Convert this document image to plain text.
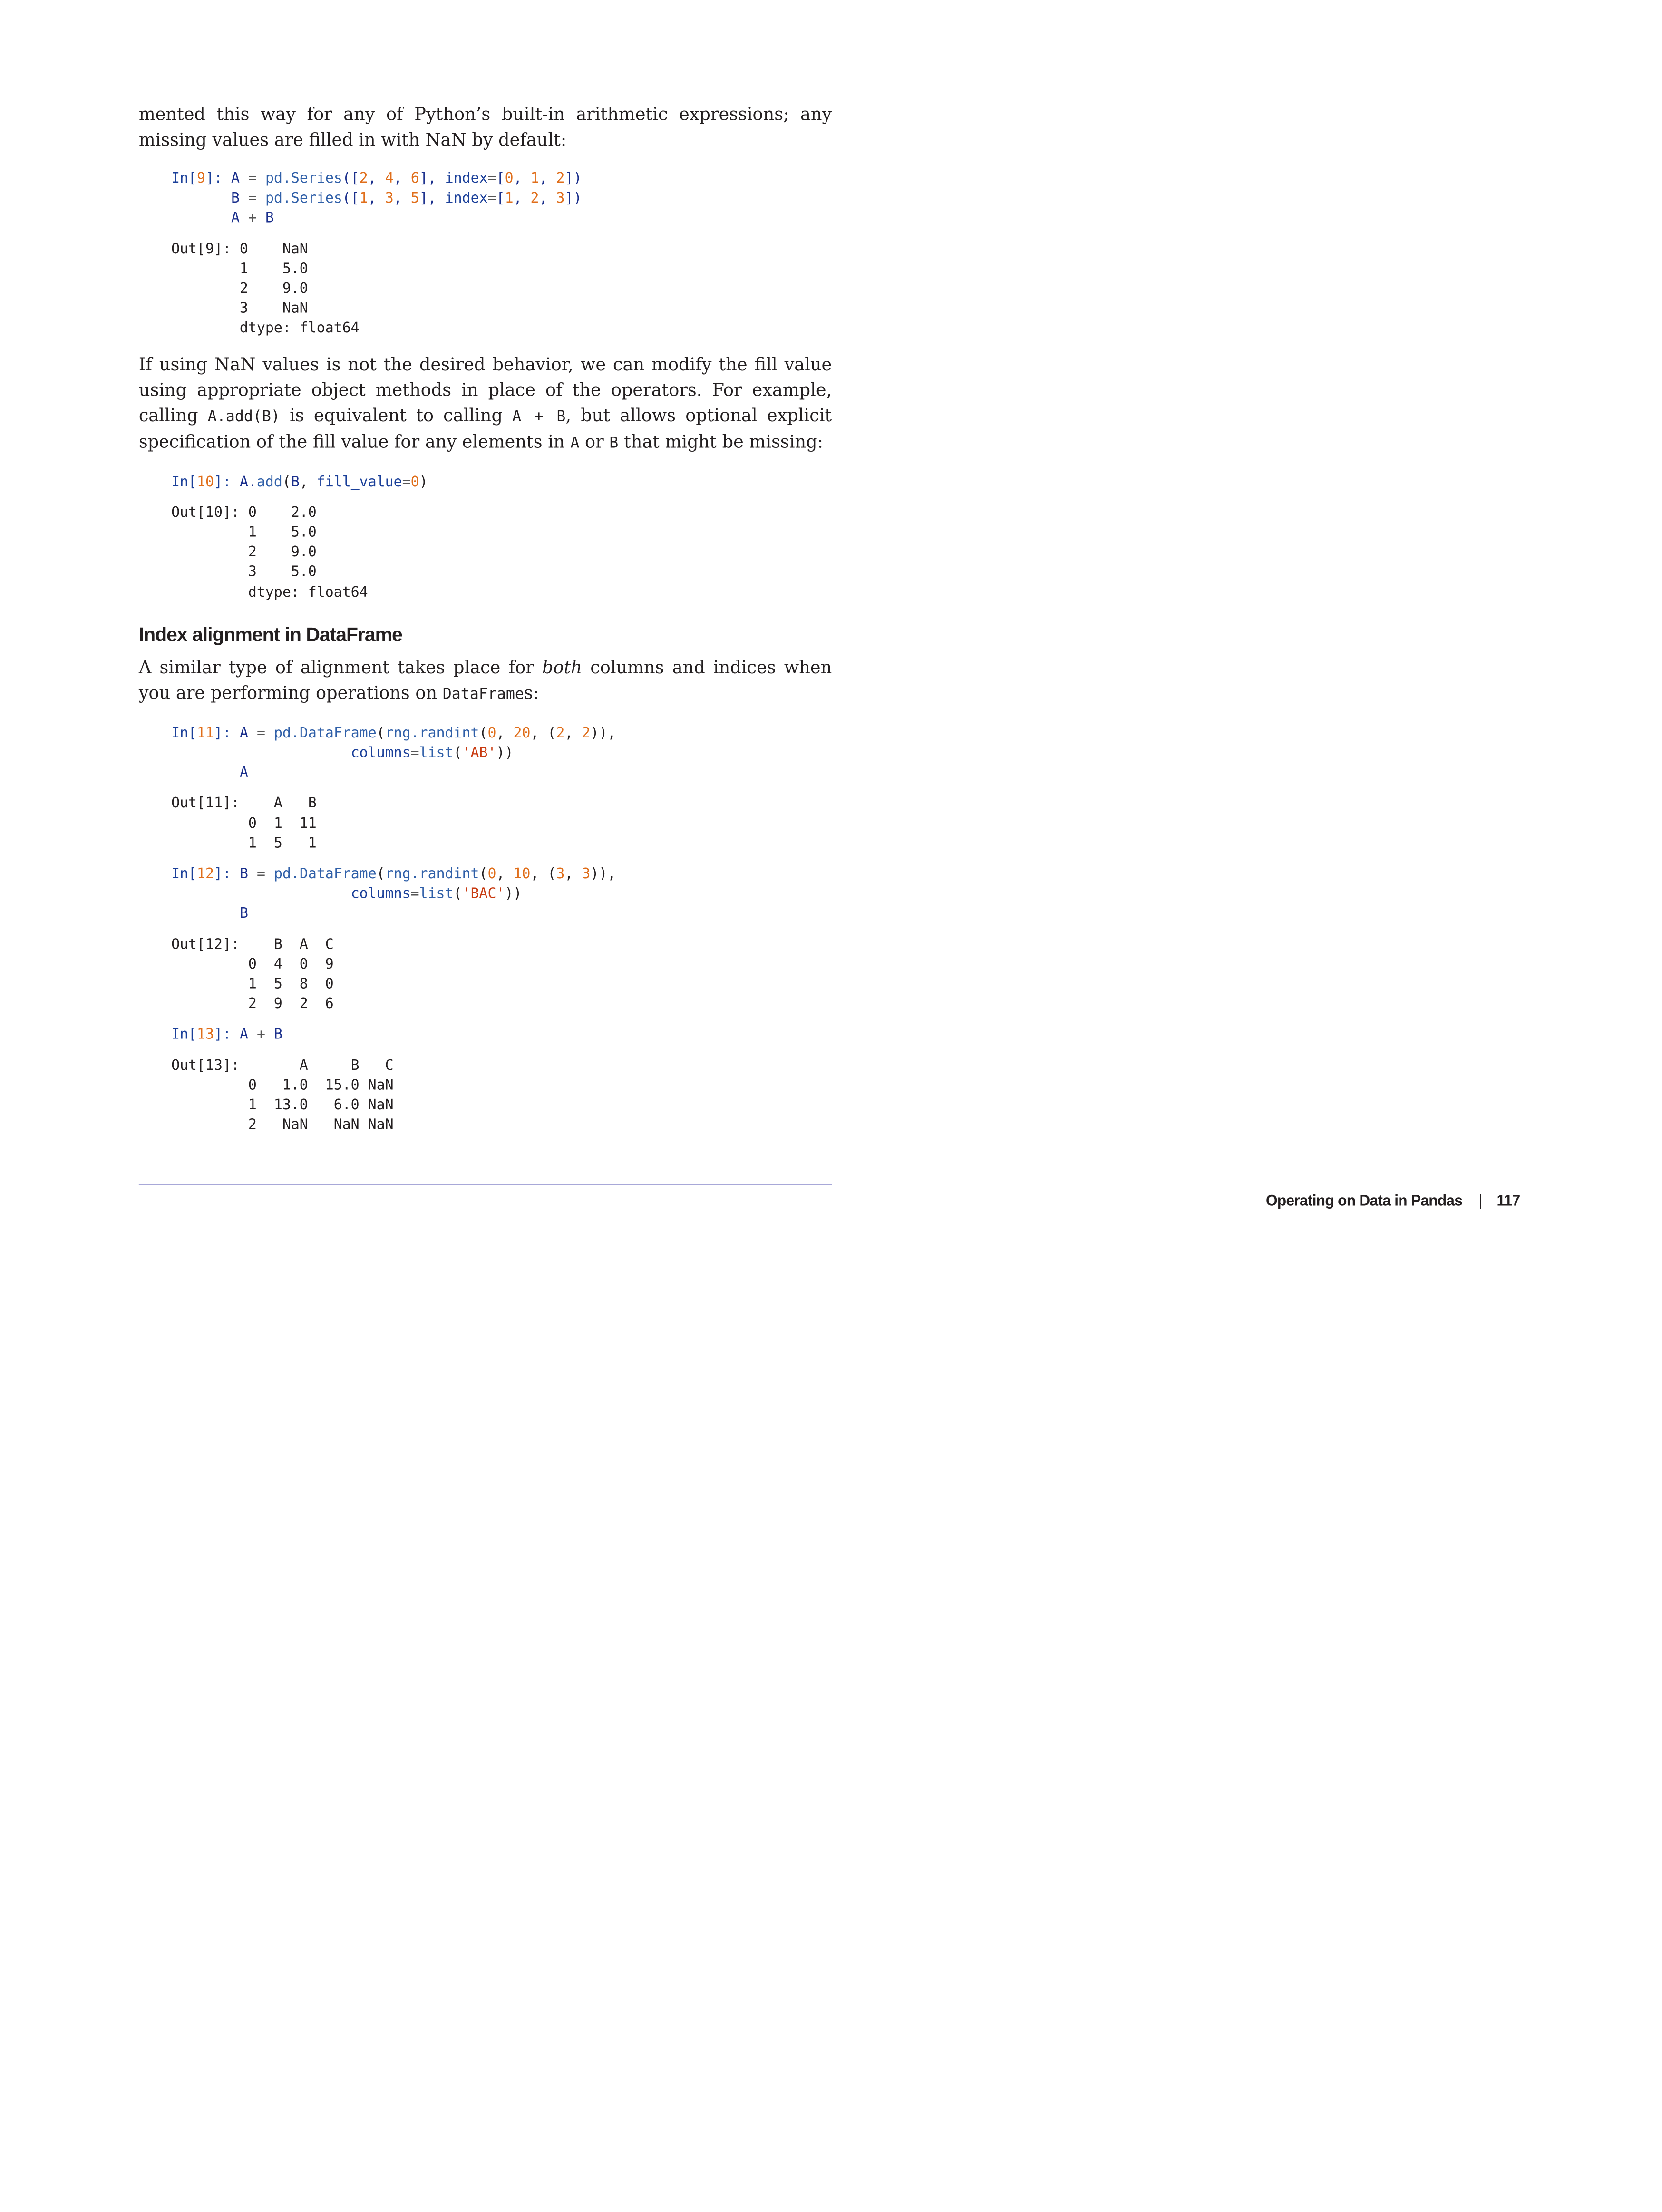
mented this way for any of Python’s built-in arithmetic expressions; any missing values are filled in with NaN by default:

In[9]: A = pd.Series([2, 4, 6], index=[0, 1, 2])
B = pd.Series([1, 3, 5], index=[1, 2, 3])
A + B
Out[9]: 0    NaN
1    5.0
2    9.0
3    NaN
dtype: float64

If using NaN values is not the desired behavior, we can modify the fill value using appropriate object methods in place of the operators. For example, calling A.add(B) is equivalent to calling A + B, but allows optional explicit specification of the fill value for any elements in A or B that might be missing:

In[10]: A.add(B, fill_value=0)
Out[10]: 0    2.0
1    5.0
2    9.0
3    5.0
dtype: float64
Index alignment in DataFrame

A similar type of alignment takes place for both columns and indices when you are performing operations on DataFrames:

In[11]: A = pd.DataFrame(rng.randint(0, 20, (2, 2)),
columns=list('AB'))
A
Out[11]:    A   B
0  1  11
1  5   1
In[12]: B = pd.DataFrame(rng.randint(0, 10, (3, 3)),
columns=list('BAC'))
B
Out[12]:    B  A  C
0  4  0  9
1  5  8  0
2  9  2  6
In[13]: A + B
Out[13]:       A     B   C
0   1.0  15.0 NaN
1  13.0   6.0 NaN
2   NaN   NaN NaN
Operating on Data in Pandas | 117
